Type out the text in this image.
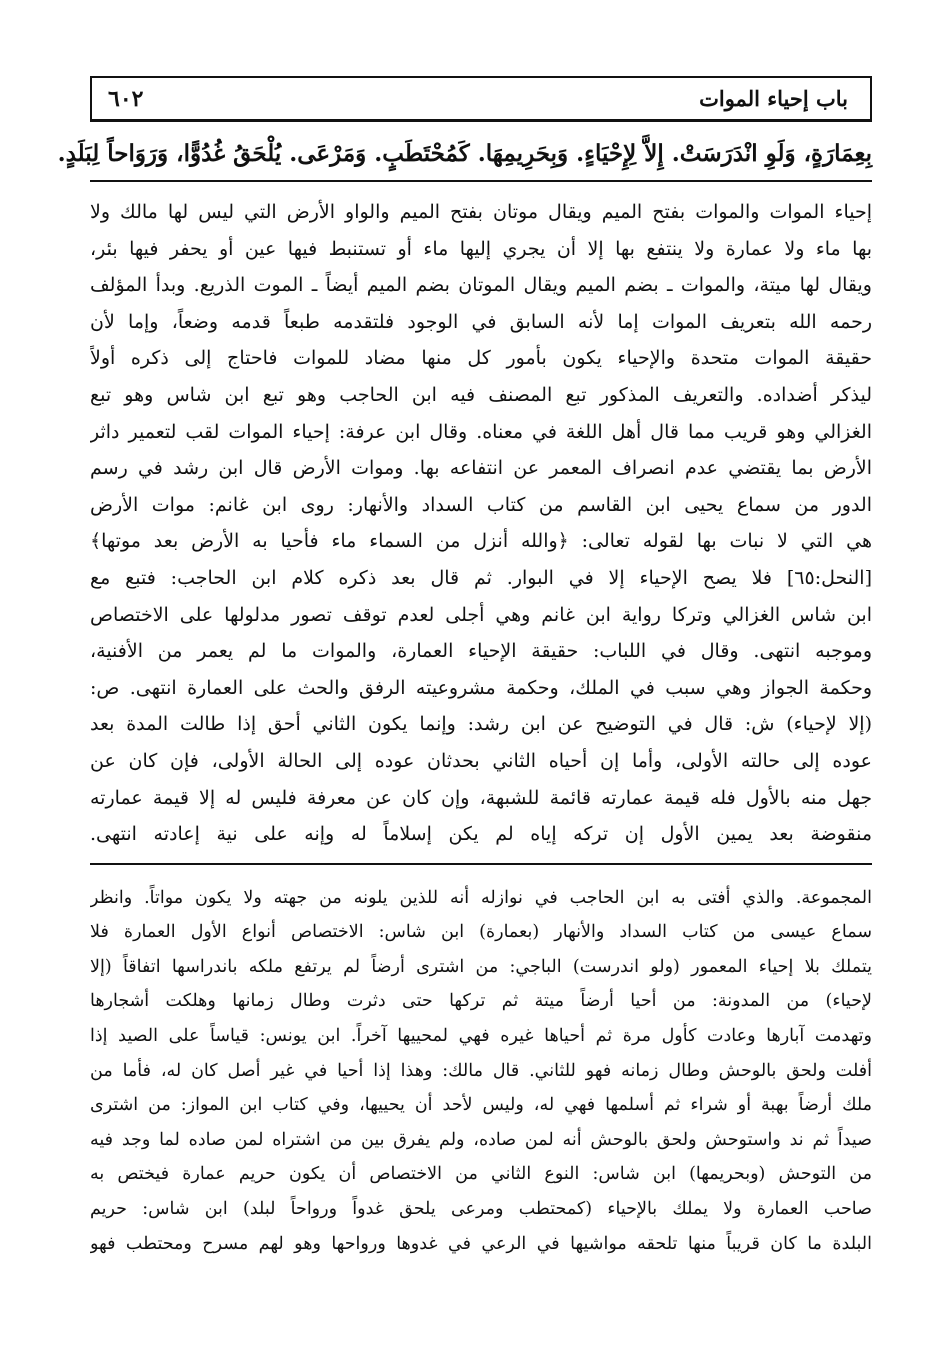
٦٠٢	باب إحياء الموات
بِعِمَارَةٍ، وَلَوِ انْدَرَسَتْ. إِلاَّ لِإِحْيَاءٍ. وَبِحَرِيمِهَا. كَمُحْتَطَبٍ. وَمَرْعَى. يُلْحَقُ غُدُوًّا، وَرَوَاحاً لِبَلَدٍ.
إحياء الموات والموات بفتح الميم ويقال موتان بفتح الميم والواو الأرض التي ليس لها مالك ولا
بها ماء ولا عمارة ولا ينتفع بها إلا أن يجري إليها ماء أو تستنبط فيها عين أو يحفر فيها بئر،
ويقال لها ميتة، والموات ـ بضم الميم ويقال الموتان بضم الميم أيضاً ـ الموت الذريع. وبدأ المؤلف
رحمه الله بتعريف الموات إما لأنه السابق في الوجود فلتقدمه طبعاً قدمه وضعاً، وإما لأن
حقيقة الموات متحدة والإحياء يكون بأمور كل منها مضاد للموات فاحتاج إلى ذكره أولاً
ليذكر أضداده. والتعريف المذكور تبع المصنف فيه ابن الحاجب وهو تبع ابن شاس وهو تبع
الغزالي وهو قريب مما قال أهل اللغة في معناه. وقال ابن عرفة: إحياء الموات لقب لتعمير داثر
الأرض بما يقتضي عدم انصراف المعمر عن انتفاعه بها. وموات الأرض قال ابن رشد في رسم
الدور من سماع يحيى ابن القاسم من كتاب السداد والأنهار: روى ابن غانم: موات الأرض
هي التي لا نبات بها لقوله تعالى: ﴿والله أنزل من السماء ماء فأحيا به الأرض بعد موتها﴾
[النحل:٦٥] فلا يصح الإحياء إلا في البوار. ثم قال بعد ذكره كلام ابن الحاجب: فتبع مع
ابن شاس الغزالي وتركا رواية ابن غانم وهي أجلى لعدم توقف تصور مدلولها على الاختصاص
وموجبه انتهى. وقال في اللباب: حقيقة الإحياء العمارة، والموات ما لم يعمر من الأفنية،
وحكمة الجواز وهي سبب في الملك، وحكمة مشروعيته الرفق والحث على العمارة انتهى. ص:
(إلا لإحياء) ش: قال في التوضيح عن ابن رشد: وإنما يكون الثاني أحق إذا طالت المدة بعد
عوده إلى حالته الأولى، وأما إن أحياه الثاني بحدثان عوده إلى الحالة الأولى، فإن كان عن
جهل منه بالأول فله قيمة عمارته قائمة للشبهة، وإن كان عن معرفة فليس له إلا قيمة عمارته
منقوضة بعد يمين الأول إن تركه إياه لم يكن إسلاماً له وإنه على نية إعادته انتهى.
المجموعة. والذي أفتى به ابن الحاجب في نوازله أنه للذين يلونه من جهته ولا يكون مواتاً. وانظر
سماع عيسى من كتاب السداد والأنهار (بعمارة) ابن شاس: الاختصاص أنواع الأول العمارة فلا
يتملك بلا إحياء المعمور (ولو اندرست) الباجي: من اشترى أرضاً لم يرتفع ملكه باندراسها اتفاقاً (إلا
لإحياء) من المدونة: من أحيا أرضاً ميتة ثم تركها حتى دثرت وطال زمانها وهلكت أشجارها
وتهدمت آبارها وعادت كأول مرة ثم أحياها غيره فهي لمحييها آخراً. ابن يونس: قياساً على الصيد إذا
أفلت ولحق بالوحش وطال زمانه فهو للثاني. قال مالك: وهذا إذا أحيا في غير أصل كان له، فأما من
ملك أرضاً بهبة أو شراء ثم أسلمها فهي له، وليس لأحد أن يحييها، وفي كتاب ابن المواز: من اشترى
صيداً ثم ند واستوحش ولحق بالوحش أنه لمن صاده، ولم يفرق بين من اشتراه لمن صاده لما وجد فيه
من التوحش (وبحريمها) ابن شاس: النوع الثاني من الاختصاص أن يكون حريم عمارة فيختص به
صاحب العمارة ولا يملك بالإحياء (كمحتطب ومرعى يلحق غدواً ورواحاً لبلد) ابن شاس: حريم
البلدة ما كان قريباً منها تلحقه مواشيها في الرعي في غدوها ورواحها وهو لهم مسرح ومحتطب فهو
